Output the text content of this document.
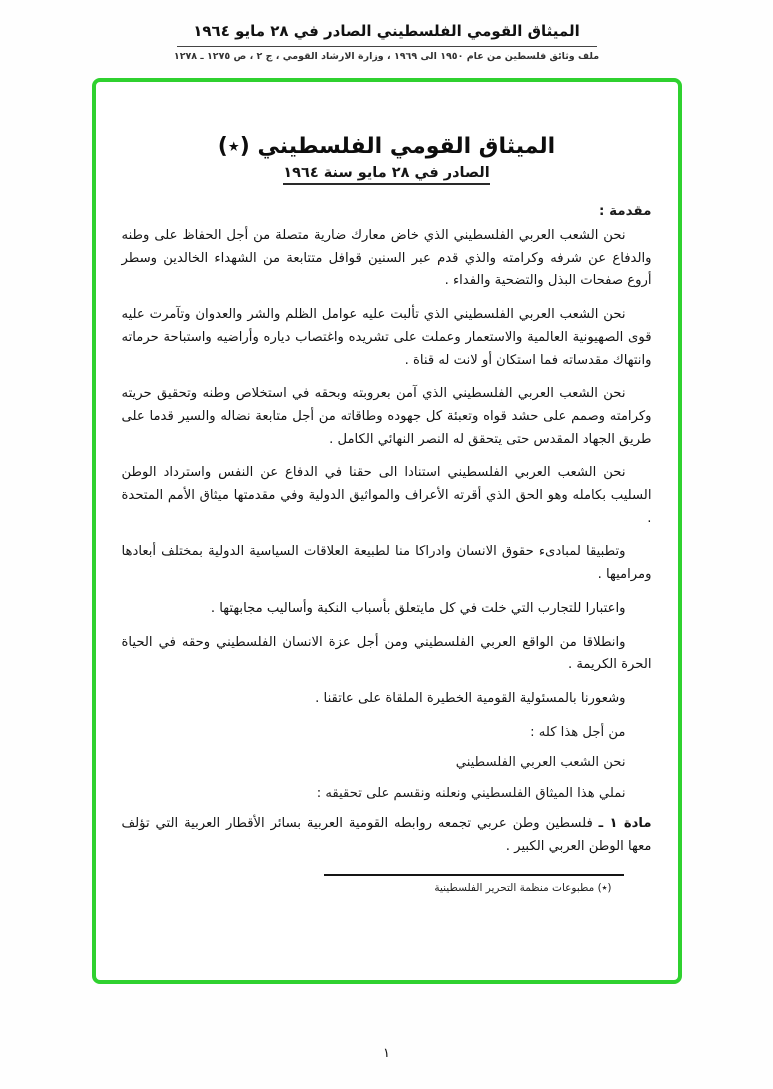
الميثاق القومي الفلسطيني الصادر في ٢٨ مايو ١٩٦٤
ملف وثائق فلسطين من عام ١٩٥٠ الى ١٩٦٩ ، وزارة الارشاد القومي ، ج ٢ ، ص ١٢٧٥ ـ ١٢٧٨
الميثاق القومي الفلسطيني (٭)
الصادر في ٢٨ مايو سنة ١٩٦٤
مقدمة :

نحن الشعب العربي الفلسطيني الذي خاض معارك ضارية متصلة من أجل الحفاظ على وطنه والدفاع عن شرفه وكرامته والذي قدم عبر السنين قوافل متتابعة من الشهداء الخالدين وسطر أروع صفحات البذل والتضحية والفداء .

نحن الشعب العربي الفلسطيني الذي تألبت عليه عوامل الظلم والشر والعدوان وتآمرت عليه قوى الصهيونية العالمية والاستعمار وعملت على تشريده واغتصاب دياره وأراضيه واستباحة حرماته وانتهاك مقدساته فما استكان أو لانت له قناة .

نحن الشعب العربي الفلسطيني الذي آمن بعروبته وبحقه في استخلاص وطنه وتحقيق حريته وكرامته وصمم على حشد قواه وتعبئة كل جهوده وطاقاته من أجل متابعة نضاله والسير قدما على طريق الجهاد المقدس حتى يتحقق له النصر النهائي الكامل .

نحن الشعب العربي الفلسطيني استنادا الى حقنا في الدفاع عن النفس واسترداد الوطن السليب بكامله وهو الحق الذي أقرته الأعراف والمواثيق الدولية وفي مقدمتها ميثاق الأمم المتحدة .

وتطبيقا لمبادىء حقوق الانسان وادراكا منا لطبيعة العلاقات السياسية الدولية بمختلف أبعادها ومراميها .

واعتبارا للتجارب التي خلت في كل مايتعلق بأسباب النكبة وأساليب مجابهتها .

وانطلاقا من الواقع العربي الفلسطيني ومن أجل عزة الانسان الفلسطيني وحقه في الحياة الحرة الكريمة .

وشعورنا بالمسئولية القومية الخطيرة الملقاة على عاتقنا .

من أجل هذا كله :
نحن الشعب العربي الفلسطيني
نملي هذا الميثاق الفلسطيني ونعلنه ونقسم على تحقيقه :
مادة ١ ـ فلسطين وطن عربي تجمعه روابطه القومية العربية بسائر الأقطار العربية التي تؤلف معها الوطن العربي الكبير .
(٭) مطبوعات منظمة التحرير الفلسطينية
١
